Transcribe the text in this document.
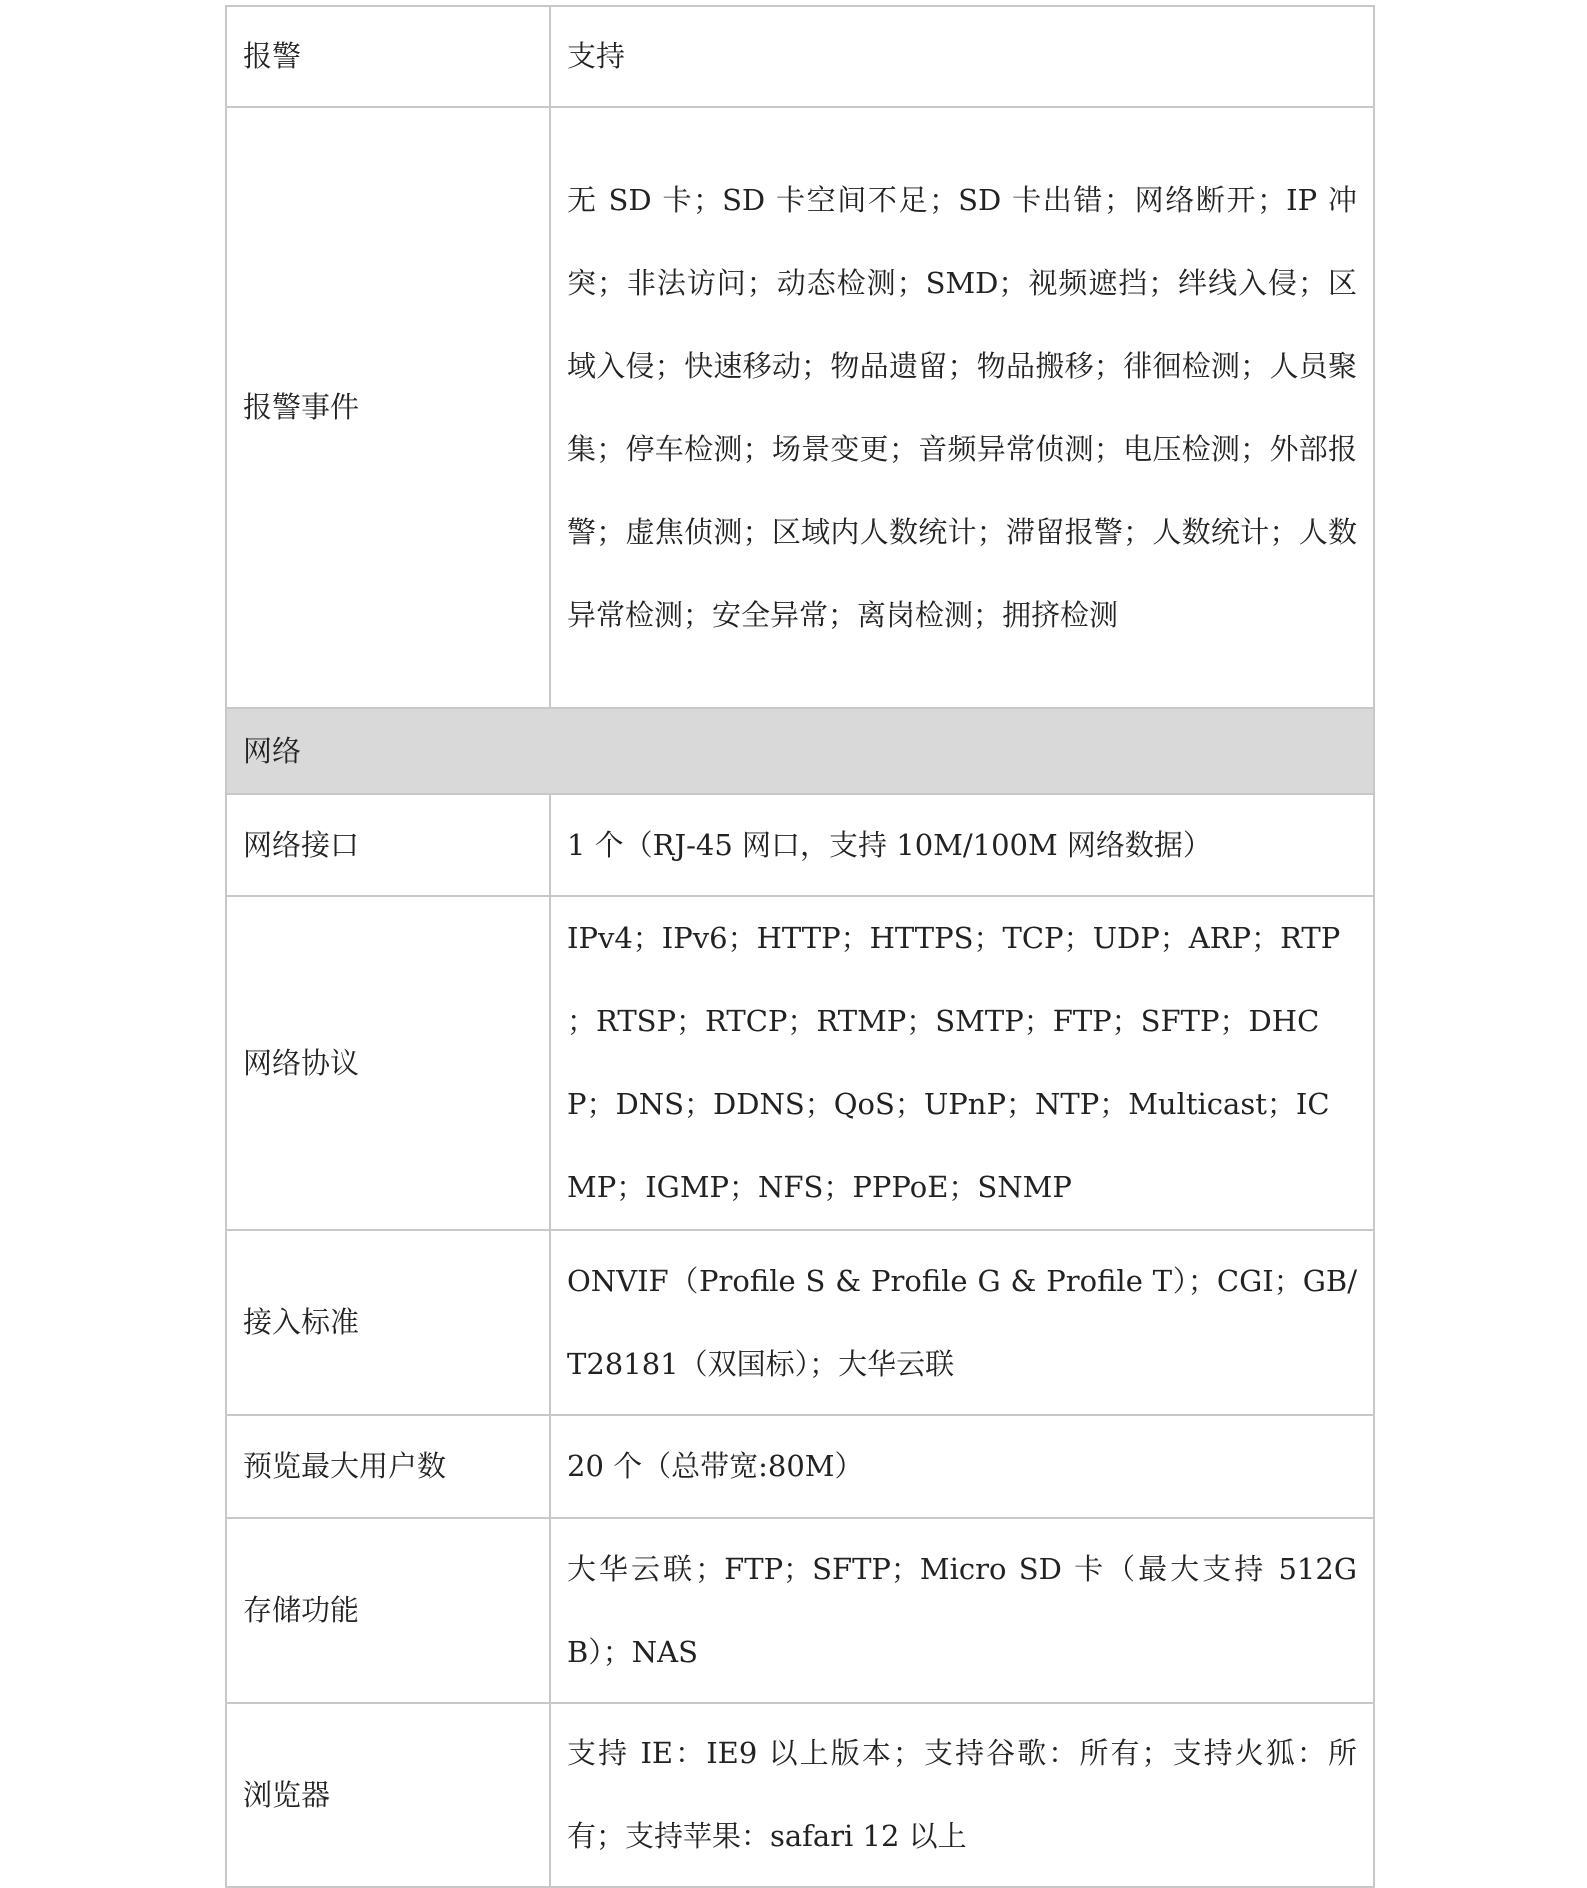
报警	支持
报警事件	无 SD 卡；SD 卡空间不足；SD 卡出错；网络断开；IP 冲突；非法访问；动态检测；SMD；视频遮挡；绊线入侵；区域入侵；快速移动；物品遗留；物品搬移；徘徊检测；人员聚集；停车检测；场景变更；音频异常侦测；电压检测；外部报警；虚焦侦测；区域内人数统计；滞留报警；人数统计；人数异常检测；安全异常；离岗检测；拥挤检测
网络	
网络接口	1 个（RJ-45 网口，支持 10M/100M 网络数据）
网络协议	IPv4；IPv6；HTTP；HTTPS；TCP；UDP；ARP；RTP ；RTSP；RTCP；RTMP；SMTP；FTP；SFTP；DHCP；DNS；DDNS；QoS；UPnP；NTP；Multicast；ICMP；IGMP；NFS；PPPoE；SNMP
接入标准	ONVIF（Profile S & Profile G & Profile T）；CGI；GB/T28181（双国标）；大华云联
预览最大用户数	20 个（总带宽:80M）
存储功能	大华云联；FTP；SFTP；Micro SD 卡（最大支持 512GB）；NAS
浏览器	支持 IE：IE9 以上版本；支持谷歌：所有；支持火狐：所有；支持苹果：safari 12 以上
